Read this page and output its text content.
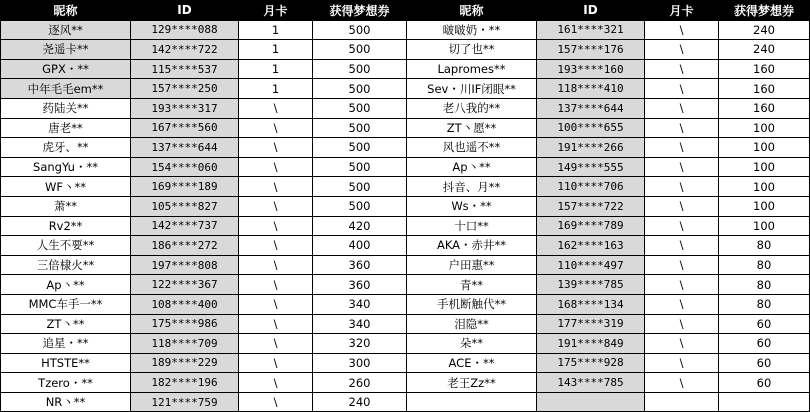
昵称	ID	月卡	获得梦想券	昵称	ID	月卡	获得梦想券
逐风**	129****088	1	500	啵啵奶・**	161****321	\	240
尧遥卡**	142****722	1	500	切了也**	157****176	\	240
GPX・**	115****537	1	500	Lapromes**	193****160	\	160
中年毛毛em**	157****250	1	500	Sev・川IF闭眼**	118****410	\	160
药陆关**	193****317	\	500	老八我的**	137****644	\	160
唐老**	167****560	\	500	ZT丶愿**	100****655	\	100
虎牙、**	137****644	\	500	风也遥不**	191****266	\	100
SangYu・**	154****060	\	500	Ap丶**	149****555	\	100
WF丶**	169****189	\	500	抖音、月**	110****706	\	100
萧**	105****827	\	500	Ws・**	157****722	\	100
Rv2**	142****737	\	420	十口**	169****789	\	100
人生不要**	186****272	\	400	AKA・赤井**	162****163	\	80
三倍棣火**	197****808	\	360	户田惠**	110****497	\	80
Ap丶**	122****367	\	360	青**	139****785	\	80
MMC车手一**	108****400	\	340	手机断触代**	168****134	\	80
ZT丶**	175****986	\	340	泪隐**	177****319	\	60
追星・**	118****709	\	320	朵**	191****849	\	60
HTSTE**	189****229	\	300	ACE・**	175****928	\	60
Tzero・**	182****196	\	260	老王Zz**	143****785	\	60
NR丶**	121****759	\	240				
